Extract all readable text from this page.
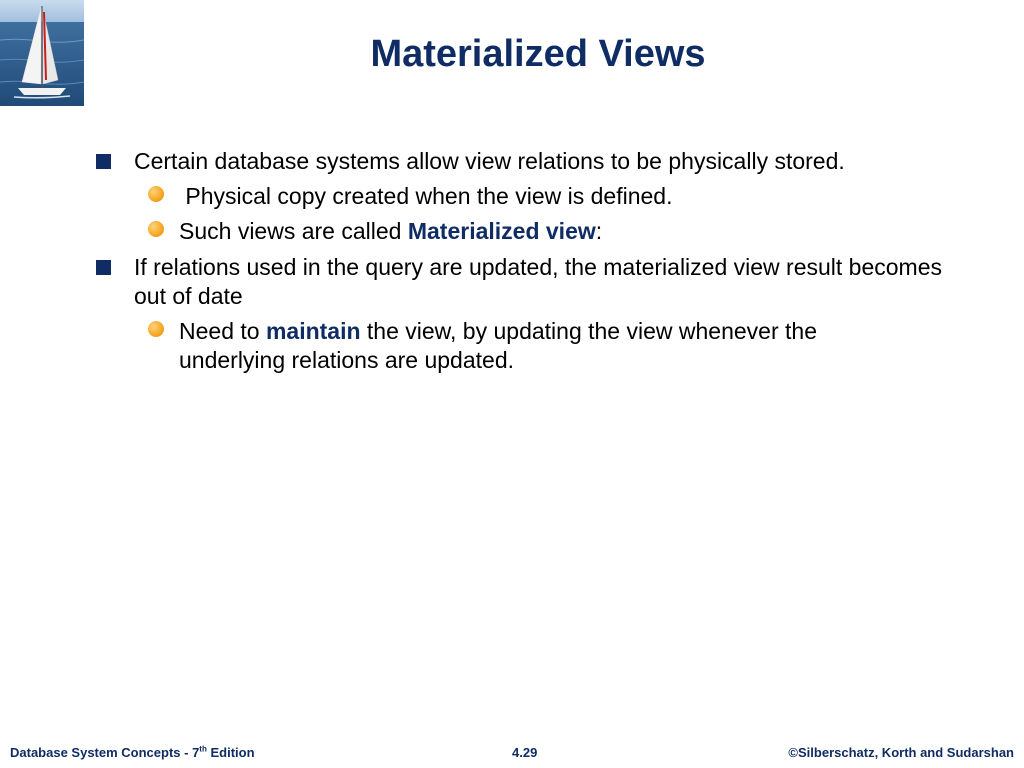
Materialized Views
Certain database systems allow view relations to be physically stored.
Physical copy created when the view is defined.
Such views are called Materialized view:
If relations used in the query are updated, the materialized view result becomes out of date
Need to maintain the view, by updating the view whenever the underlying relations are updated.
Database System Concepts - 7th Edition	4.29	©Silberschatz, Korth and Sudarshan
